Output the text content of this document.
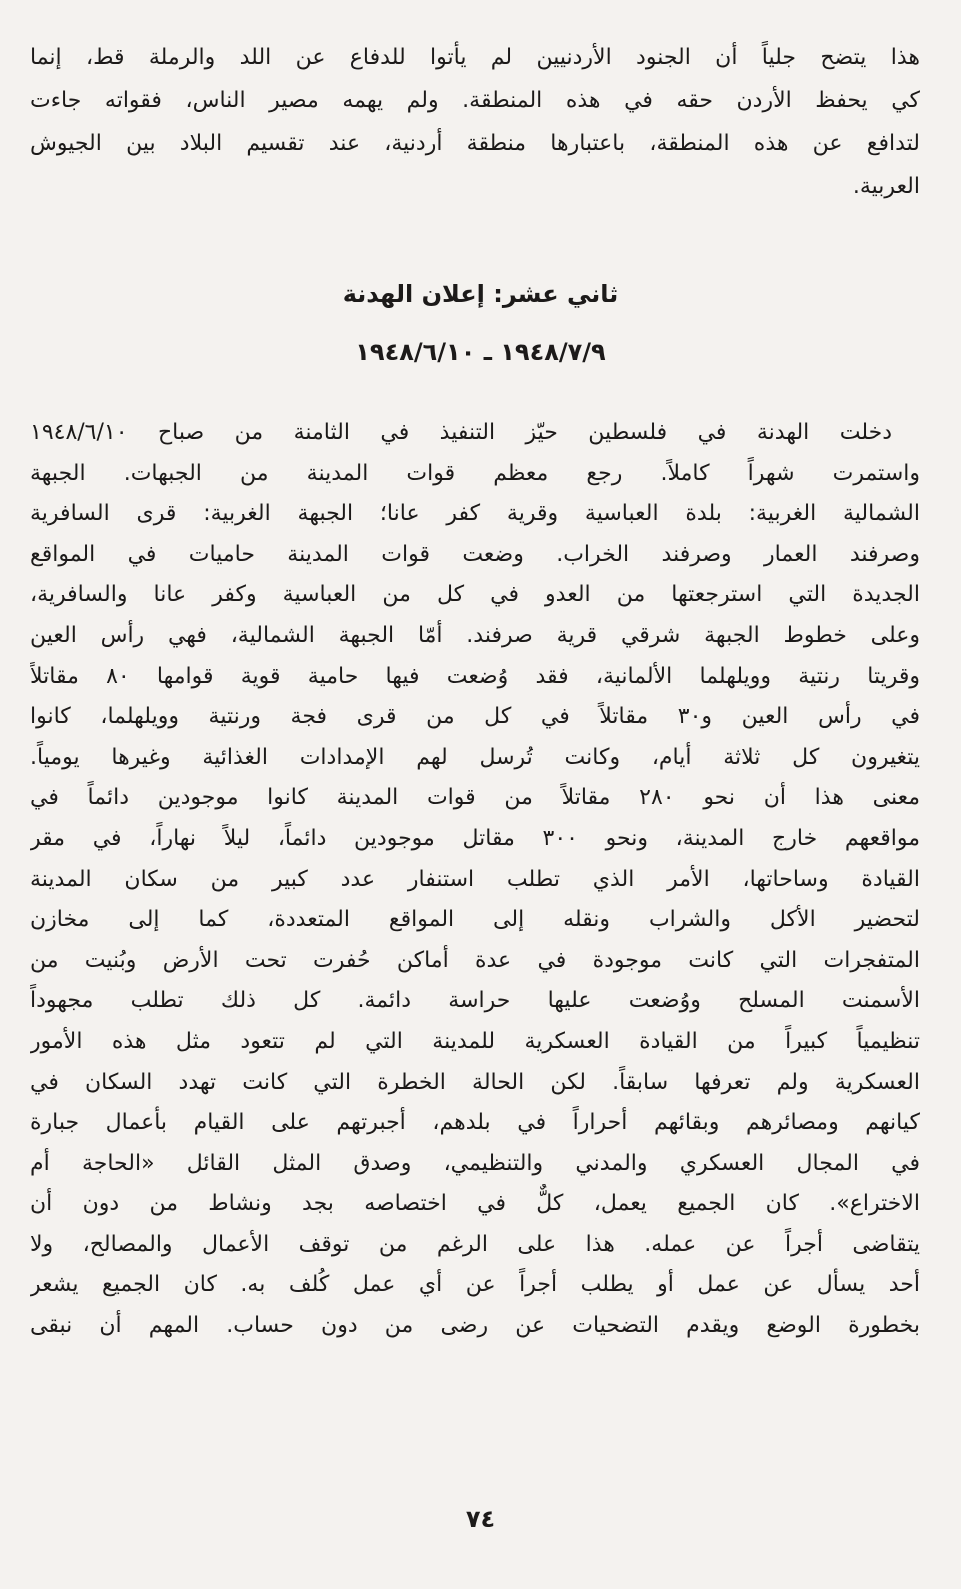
هذا يتضح جلياً أن الجنود الأردنيين لم يأتوا للدفاع عن اللد والرملة قط، إنما
كي يحفظ الأردن حقه في هذه المنطقة. ولم يهمه مصير الناس، فقواته جاءت
لتدافع عن هذه المنطقة، باعتبارها منطقة أردنية، عند تقسيم البلاد بين الجيوش
العربية.
ثاني عشر: إعلان الهدنة
١٩٤٨/٧/٩ ـ ١٩٤٨/٦/١٠
دخلت الهدنة في فلسطين حيّز التنفيذ في الثامنة من صباح ١٩٤٨/٦/١٠
واستمرت شهراً كاملاً. رجع معظم قوات المدينة من الجبهات. الجبهة
الشمالية الغربية: بلدة العباسية وقرية كفر عانا؛ الجبهة الغربية: قرى السافرية
وصرفند العمار وصرفند الخراب. وضعت قوات المدينة حاميات في المواقع
الجديدة التي استرجعتها من العدو في كل من العباسية وكفر عانا والسافرية،
وعلى خطوط الجبهة شرقي قرية صرفند. أمّا الجبهة الشمالية، فهي رأس العين
وقريتا رنتية وويلهلما الألمانية، فقد وُضعت فيها حامية قوية قوامها ٨٠ مقاتلاً
في رأس العين و٣٠ مقاتلاً في كل من قرى فجة ورنتية وويلهلما، كانوا
يتغيرون كل ثلاثة أيام، وكانت تُرسل لهم الإمدادات الغذائية وغيرها يومياً.
معنى هذا أن نحو ٢٨٠ مقاتلاً من قوات المدينة كانوا موجودين دائماً في
مواقعهم خارج المدينة، ونحو ٣٠٠ مقاتل موجودين دائماً، ليلاً نهاراً، في مقر
القيادة وساحاتها، الأمر الذي تطلب استنفار عدد كبير من سكان المدينة
لتحضير الأكل والشراب ونقله إلى المواقع المتعددة، كما إلى مخازن
المتفجرات التي كانت موجودة في عدة أماكن حُفرت تحت الأرض وبُنيت من
الأسمنت المسلح ووُضعت عليها حراسة دائمة. كل ذلك تطلب مجهوداً
تنظيمياً كبيراً من القيادة العسكرية للمدينة التي لم تتعود مثل هذه الأمور
العسكرية ولم تعرفها سابقاً. لكن الحالة الخطرة التي كانت تهدد السكان في
كيانهم ومصائرهم وبقائهم أحراراً في بلدهم، أجبرتهم على القيام بأعمال جبارة
في المجال العسكري والمدني والتنظيمي، وصدق المثل القائل «الحاجة أم
الاختراع». كان الجميع يعمل، كلٌّ في اختصاصه بجد ونشاط من دون أن
يتقاضى أجراً عن عمله. هذا على الرغم من توقف الأعمال والمصالح، ولا
أحد يسأل عن عمل أو يطلب أجراً عن أي عمل كُلف به. كان الجميع يشعر
بخطورة الوضع ويقدم التضحيات عن رضى من دون حساب. المهم أن نبقى
٧٤
